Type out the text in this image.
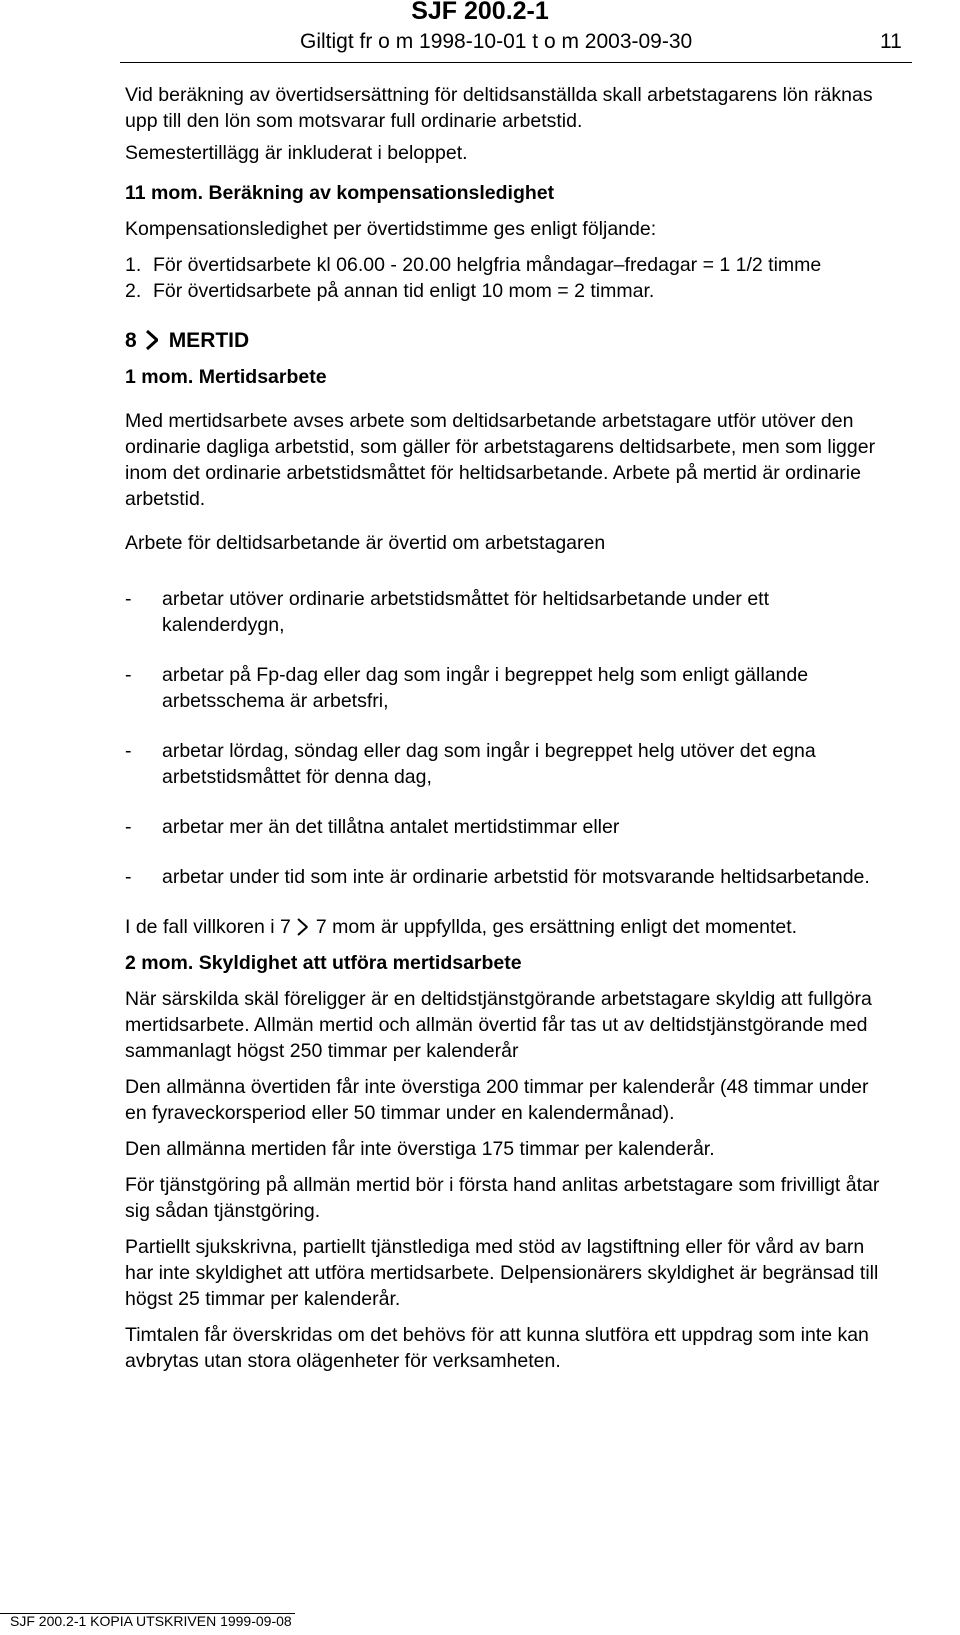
SJF 200.2-1
Giltigt fr o m 1998-10-01 t o m 2003-09-30	11

Vid beräkning av övertidsersättning för deltidsanställda skall arbetstagarens lön räknas upp till den lön som motsvarar full ordinarie arbetstid.

Semestertillägg är inkluderat i beloppet.

11 mom. Beräkning av kompensationsledighet

Kompensationsledighet per övertidstimme ges enligt följande:

1. För övertidsarbete kl 06.00 - 20.00 helgfria måndagar–fredagar = 1 1/2 timme
2. För övertidsarbete på annan tid enligt 10 mom = 2 timmar.

8 MERTID

1 mom. Mertidsarbete

Med mertidsarbete avses arbete som deltidsarbetande arbetstagare utför utöver den ordinarie dagliga arbetstid, som gäller för arbetstagarens deltidsarbete, men som ligger inom det ordinarie arbetstidsmåttet för heltidsarbetande. Arbete på mertid är ordinarie arbetstid.

Arbete för deltidsarbetande är övertid om arbetstagaren

-	arbetar utöver ordinarie arbetstidsmåttet för heltidsarbetande under ett kalenderdygn,
-	arbetar på Fp-dag eller dag som ingår i begreppet helg som enligt gällande arbetsschema är arbetsfri,
-	arbetar lördag, söndag eller dag som ingår i begreppet helg utöver det egna arbetstidsmåttet för denna dag,
-	arbetar mer än det tillåtna antalet mertidstimmar eller
-	arbetar under tid som inte är ordinarie arbetstid för motsvarande heltidsarbetande.

I de fall villkoren i 7 7 mom är uppfyllda, ges ersättning enligt det momentet.

2 mom. Skyldighet att utföra mertidsarbete

När särskilda skäl föreligger är en deltidstjänstgörande arbetstagare skyldig att fullgöra mertidsarbete. Allmän mertid och allmän övertid får tas ut av deltidstjänstgörande med sammanlagt högst 250 timmar per kalenderår

Den allmänna övertiden får inte överstiga 200 timmar per kalenderår (48 timmar under en fyraveckorsperiod eller 50 timmar under en kalendermånad).

Den allmänna mertiden får inte överstiga 175 timmar per kalenderår.

För tjänstgöring på allmän mertid bör i första hand anlitas arbetstagare som frivilligt åtar sig sådan tjänstgöring.

Partiellt sjukskrivna, partiellt tjänstlediga med stöd av lagstiftning eller för vård av barn har inte skyldighet att utföra mertidsarbete. Delpensionärers skyldighet är begränsad till högst 25 timmar per kalenderår.

Timtalen får överskridas om det behövs för att kunna slutföra ett uppdrag som inte kan avbrytas utan stora olägenheter för verksamheten.

SJF 200.2-1 KOPIA UTSKRIVEN 1999-09-08
